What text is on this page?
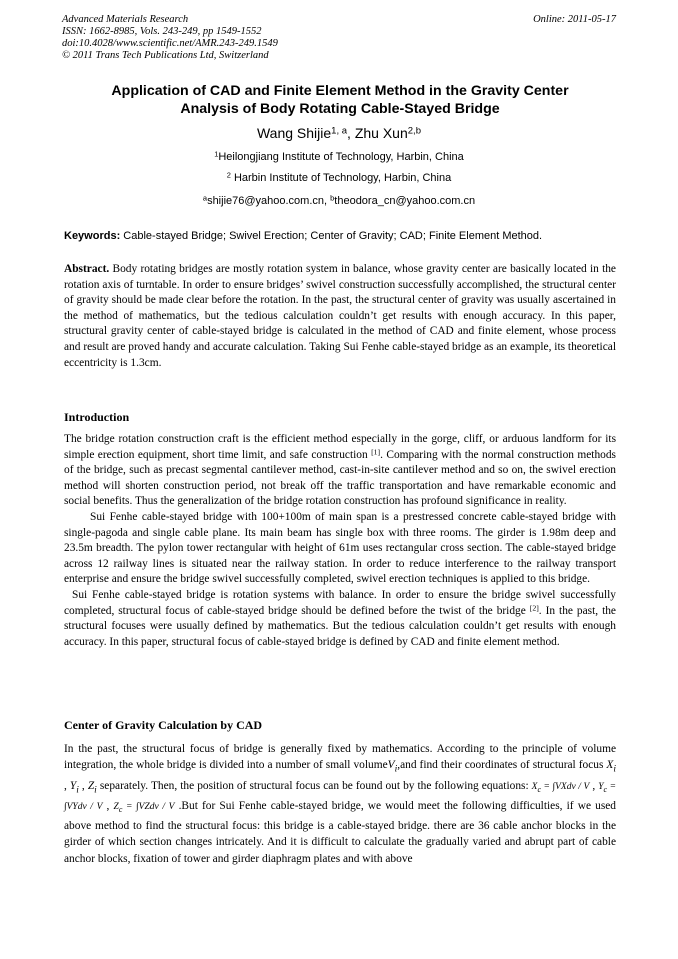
Advanced Materials Research
ISSN: 1662-8985, Vols. 243-249, pp 1549-1552
doi:10.4028/www.scientific.net/AMR.243-249.1549
© 2011 Trans Tech Publications Ltd, Switzerland
Online: 2011-05-17
Application of CAD and Finite Element Method in the Gravity Center
Analysis of Body Rotating Cable-Stayed Bridge
Wang Shijie$^{1, a}$, Zhu Xun$^{2,b}$
$^1$Heilongjiang Institute of Technology, Harbin, China
$^2$ Harbin Institute of Technology, Harbin, China
$^a$shijie76@yahoo.com.cn, $^b$theodora_cn@yahoo.com.cn
Keywords: Cable-stayed Bridge; Swivel Erection; Center of Gravity; CAD; Finite Element Method.

Abstract. Body rotating bridges are mostly rotation system in balance, whose gravity center are basically located in the rotation axis of turntable. In order to ensure bridges’ swivel construction successfully accomplished, the structural center of gravity should be made clear before the rotation. In the past, the structural center of gravity was usually ascertained in the method of mathematics, but the tedious calculation couldn’t get results with enough accuracy. In this paper, structural gravity center of cable-stayed bridge is calculated in the method of CAD and finite element, whose process and result are proved handy and accurate calculation. Taking Sui Fenhe cable-stayed bridge as an example, its theoretical eccentricity is 1.3cm.

Introduction

The bridge rotation construction craft is the efficient method especially in the gorge, cliff, or arduous landform for its simple erection equipment, short time limit, and safe construction [1]. Comparing with the normal construction methods of the bridge, such as precast segmental cantilever method, cast-in-site cantilever method and so on, the swivel erection method will shorten construction period, not break off the traffic transportation and have remarkable economic and social benefits. Thus the generalization of the bridge rotation construction has profound significance in reality.

Sui Fenhe cable-stayed bridge with 100+100m of main span is a prestressed concrete cable-stayed bridge with single-pagoda and single cable plane. Its main beam has single box with three rooms. The girder is 1.98m deep and 23.5m breadth. The pylon tower rectangular with height of 61m uses rectangular cross section. The cable-stayed bridge across 12 railway lines is situated near the railway station. In order to reduce interference to the railway transport enterprise and ensure the bridge swivel successfully completed, swivel erection techniques is applied to this bridge.

Sui Fenhe cable-stayed bridge is rotation systems with balance. In order to ensure the bridge swivel successfully completed, structural focus of cable-stayed bridge should be defined before the twist of the bridge [2]. In the past, the structural focuses were usually defined by mathematics. But the tedious calculation couldn’t get results with enough accuracy. In this paper, structural focus of cable-stayed bridge is defined by CAD and finite element method.

Center of Gravity Calculation by CAD

In the past, the structural focus of bridge is generally fixed by mathematics. According to the principle of volume integration, the whole bridge is divided into a number of small volumeV$_i$,and find their coordinates of structural focus $X_i$ , $Y_i$ , $Z_i$ separately. Then, the position of structural focus can be found out by the following equations: $X_c$ = ∫VXdv / V , $Y_c$ = ∫VYdv / V , $Z_c$ = ∫VZdv / V .But for Sui Fenhe cable-stayed bridge, we would meet the following difficulties, if we used above method to find the structural focus: this bridge is a cable-stayed bridge. there are 36 cable anchor blocks in the girder of which section changes intricately. And it is difficult to calculate the gradually varied and abrupt part of cable anchor blocks, fixation of tower and girder diaphragm plates and with above
